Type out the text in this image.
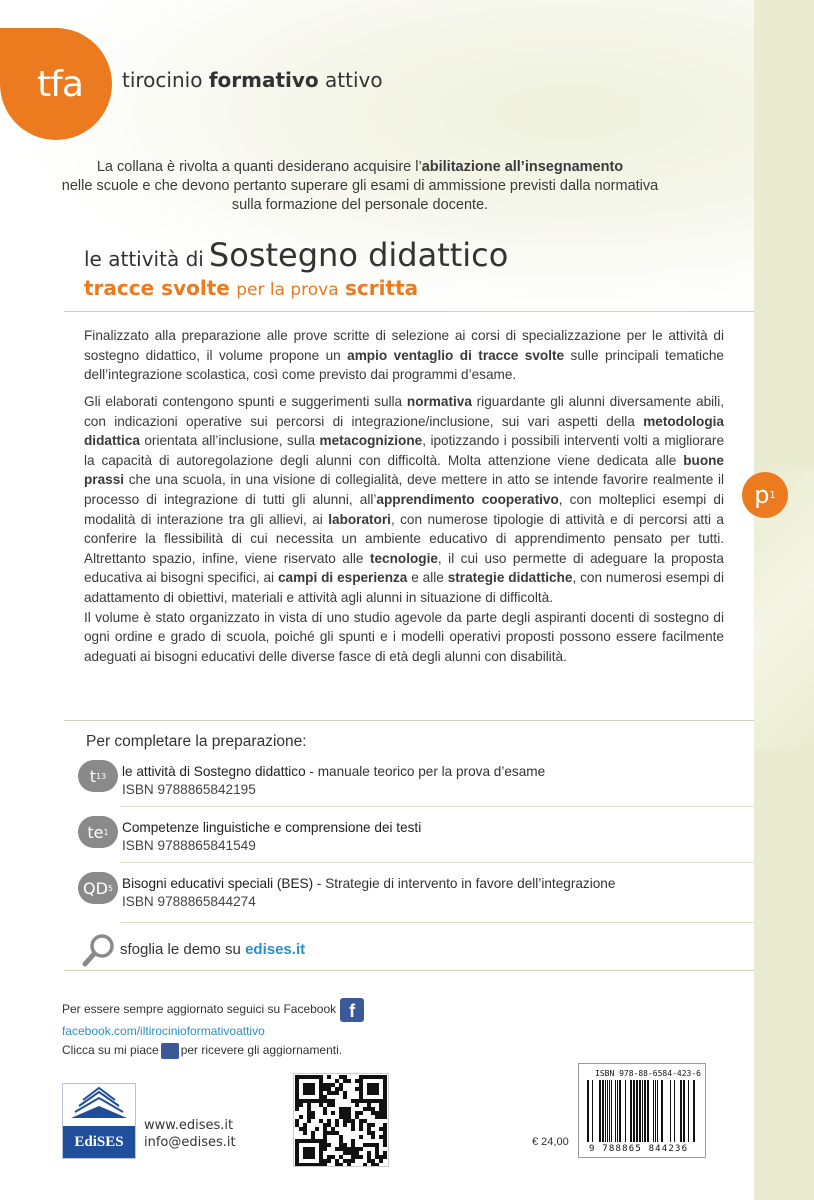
tfa tirocinio formativo attivo
La collana è rivolta a quanti desiderano acquisire l’abilitazione all’insegnamento
nelle scuole e che devono pertanto superare gli esami di ammissione previsti dalla normativa sulla formazione del personale docente.
le attività di Sostegno didattico
tracce svolte per la prova scritta
Finalizzato alla preparazione alle prove scritte di selezione ai corsi di specializzazione per le attività di sostegno didattico, il volume propone un ampio ventaglio di tracce svolte sulle principali tematiche dell’integrazione scolastica, così come previsto dai programmi d’esame.
Gli elaborati contengono spunti e suggerimenti sulla normativa riguardante gli alunni diversamente abili, con indicazioni operative sui percorsi di integrazione/inclusione, sui vari aspetti della metodologia didattica orientata all’inclusione, sulla metacognizione, ipotizzando i possibili interventi volti a migliorare la capacità di autoregolazione degli alunni con difficoltà. Molta attenzione viene dedicata alle buone prassi che una scuola, in una visione di collegialità, deve mettere in atto se intende favorire realmente il processo di integrazione di tutti gli alunni, all’apprendimento cooperativo, con molteplici esempi di modalità di interazione tra gli allievi, ai laboratori, con numerose tipologie di attività e di percorsi atti a conferire la flessibilità di cui necessita un ambiente educativo di apprendimento pensato per tutti. Altrettanto spazio, infine, viene riservato alle tecnologie, il cui uso permette di adeguare la proposta educativa ai bisogni specifici, ai campi di esperienza e alle strategie didattiche, con numerosi esempi di adattamento di obiettivi, materiali e attività agli alunni in situazione di difficoltà.
Il volume è stato organizzato in vista di uno studio agevole da parte degli aspiranti docenti di sostegno di ogni ordine e grado di scuola, poiché gli spunti e i modelli operativi proposti possono essere facilmente adeguati ai bisogni educativi delle diverse fasce di età degli alunni con disabilità.
p 1
Per completare la preparazione:
t 13 le attività di Sostegno didattico - manuale teorico per la prova d’esame
ISBN 9788865842195
te 1 Competenze linguistiche e comprensione dei testi
ISBN 9788865841549
QD 5 Bisogni educativi speciali (BES) - Strategie di intervento in favore dell’integrazione
ISBN 9788865844274
sfoglia le demo su edises.it
Per essere sempre aggiornato seguici su Facebook f
facebook.com/iltirocinioformativoattivo
Clicca su mi piace per ricevere gli aggiornamenti.
EdiSES
www.edises.it
info@edises.it	€ 24,00
ISBN 978-88-6584-423-6
9 788865 844236
